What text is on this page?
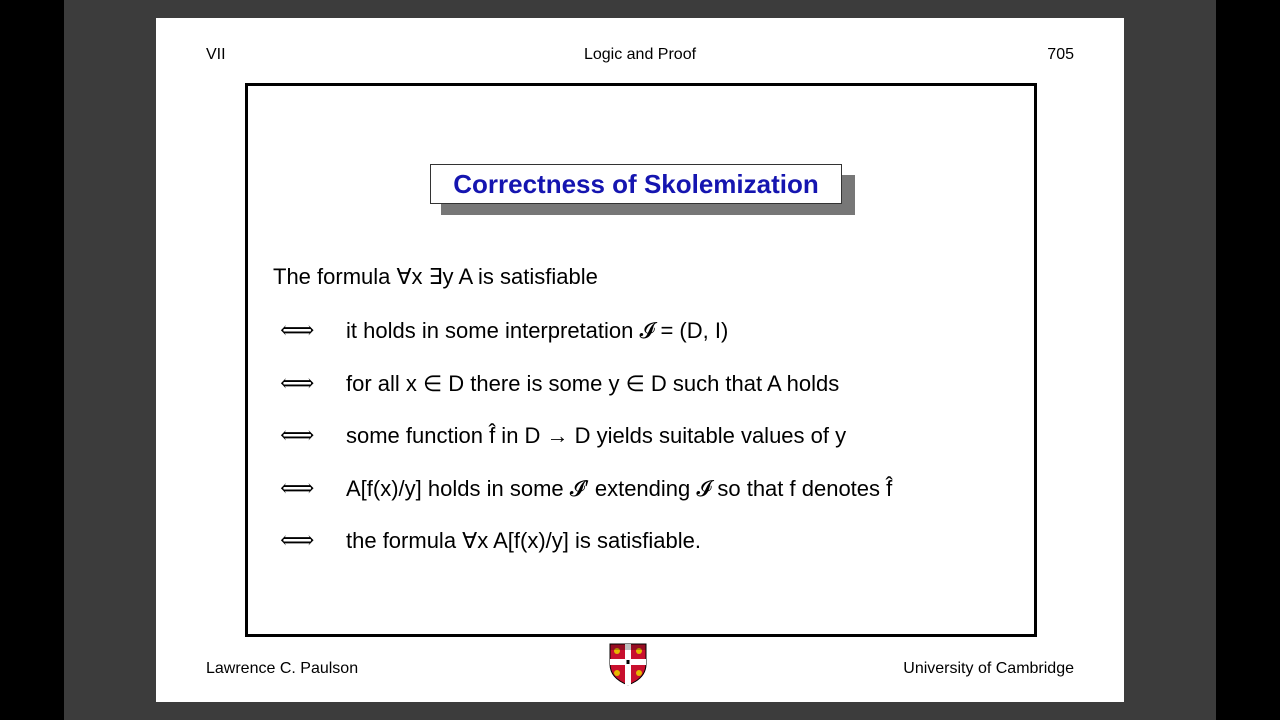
VII	Logic and Proof	705
Correctness of Skolemization
The formula ∀x ∃y A is satisfiable
⟺ it holds in some interpretation 𝓘 = (D, I)
⟺ for all x ∈ D there is some y ∈ D such that A holds
⟺ some function f̂ in D → D yields suitable values of y
⟺ A[f(x)/y] holds in some 𝓘′ extending 𝓘 so that f denotes f̂
⟺ the formula ∀x A[f(x)/y] is satisfiable.
Lawrence C. Paulson	University of Cambridge
